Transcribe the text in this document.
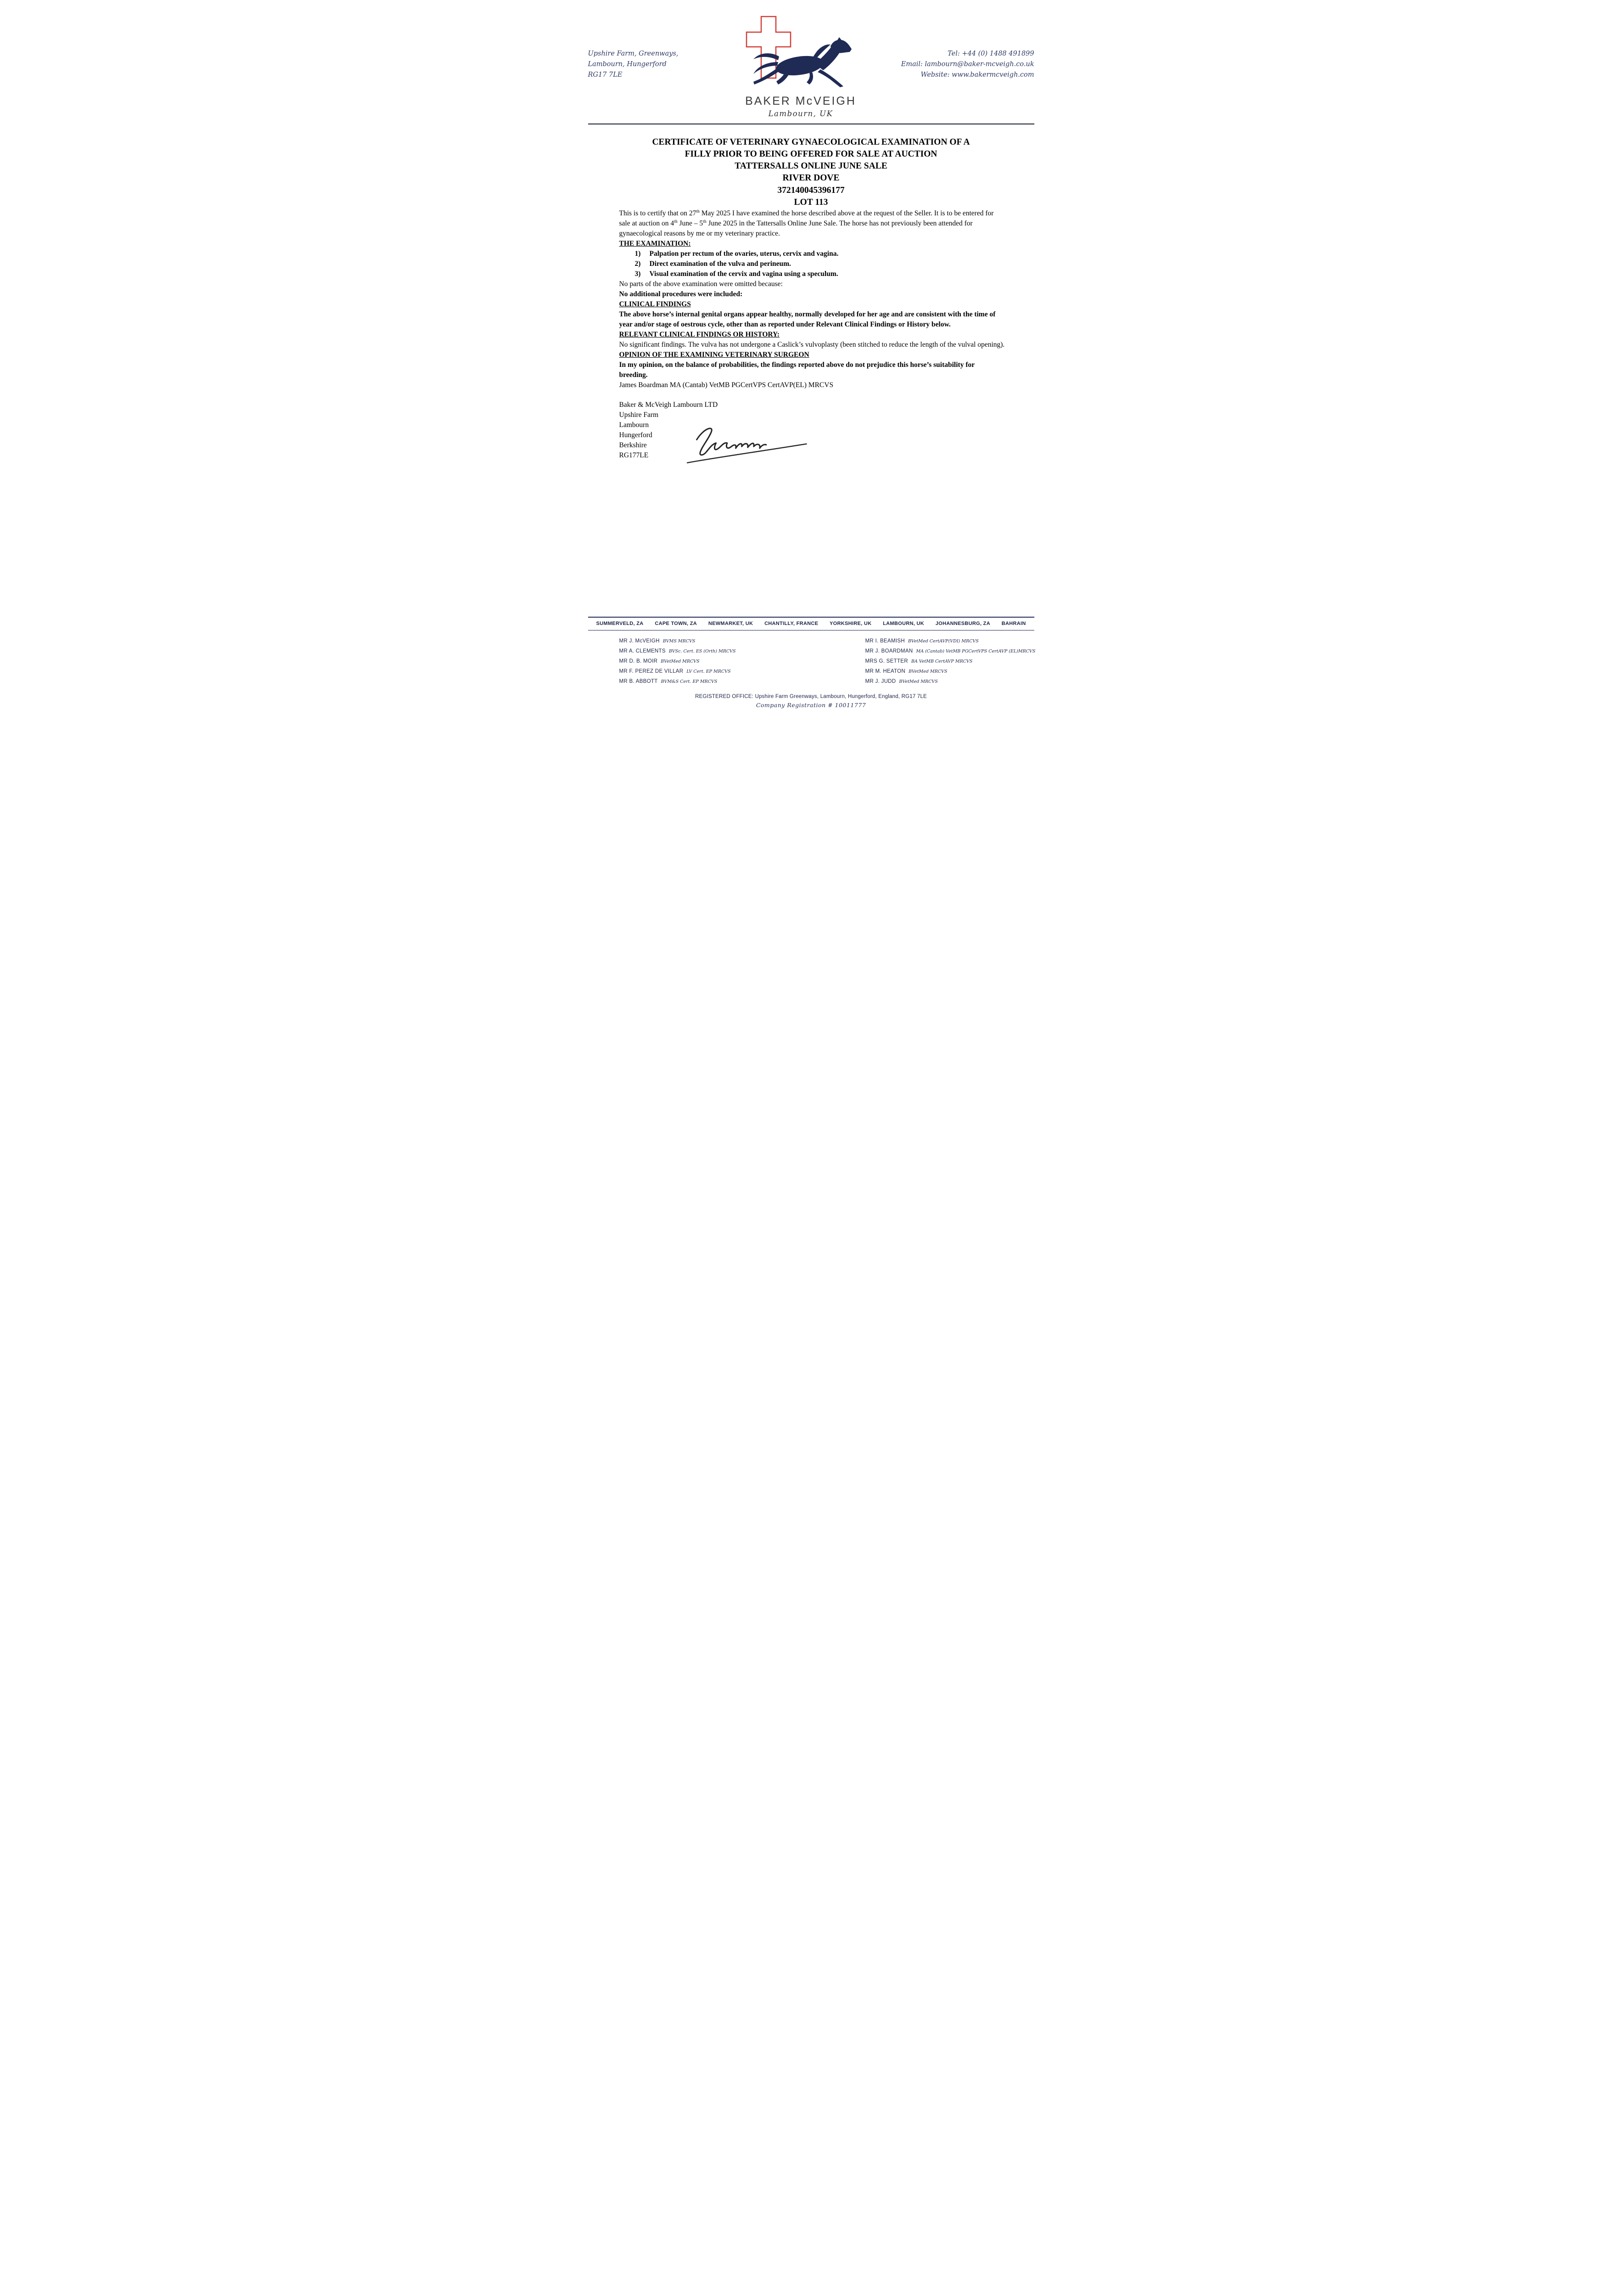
Upshire Farm, Greenways,
Lambourn, Hungerford
RG17 7LE
BAKER McVEIGH
Lambourn, UK
Tel: +44 (0) 1488 491899
Email: lambourn@baker-mcveigh.co.uk
Website: www.bakermcveigh.com
CERTIFICATE OF VETERINARY GYNAECOLOGICAL EXAMINATION OF A
FILLY PRIOR TO BEING OFFERED FOR SALE AT AUCTION
TATTERSALLS ONLINE JUNE SALE
RIVER DOVE
372140045396177
LOT 113

This is to certify that on 27th May 2025 I have examined the horse described above at the request of the Seller. It is to be entered for sale at auction on 4th June – 5th June 2025 in the Tattersalls Online June Sale. The horse has not previously been attended for gynaecological reasons by me or my veterinary practice.

THE EXAMINATION:
1)	Palpation per rectum of the ovaries, uterus, cervix and vagina.
2)	Direct examination of the vulva and perineum.
3)	Visual examination of the cervix and vagina using a speculum.

No parts of the above examination were omitted because:

No additional procedures were included:

CLINICAL FINDINGS

The above horse’s internal genital organs appear healthy, normally developed for her age and are consistent with the time of year and/or stage of oestrous cycle, other than as reported under Relevant Clinical Findings or History below.

RELEVANT CLINICAL FINDINGS OR HISTORY:

No significant findings. The vulva has not undergone a Caslick’s vulvoplasty (been stitched to reduce the length of the vulval opening).

OPINION OF THE EXAMINING VETERINARY SURGEON

In my opinion, on the balance of probabilities, the findings reported above do not prejudice this horse’s suitability for breeding.

James Boardman MA (Cantab) VetMB PGCertVPS CertAVP(EL) MRCVS

Baker & McVeigh Lambourn LTD
Upshire Farm
Lambourn
Hungerford
Berkshire
RG177LE
SUMMERVELD, ZA CAPE TOWN, ZA NEWMARKET, UK CHANTILLY, FRANCE YORKSHIRE, UK LAMBOURN, UK JOHANNESBURG, ZA BAHRAIN
MR J. McVEIGH BVMS MRCVS
MR A. CLEMENTS BVSc. Cert. ES (Orth) MRCVS
MR D. B. MOIR BVetMed MRCVS
MR F. PEREZ DE VILLAR LV Cert. EP MRCVS
MR B. ABBOTT BVM&S Cert. EP MRCVS
MR I. BEAMISH BVetMed CertAVP(VDI) MRCVS
MR J. BOARDMAN MA (Cantab) VetMB PGCertVPS CertAVP (EL)MRCVS
MRS G. SETTER BA VetMB CertAVP MRCVS
MR M. HEATON BVetMed MRCVS
MR J. JUDD BVetMed MRCVS
REGISTERED OFFICE: Upshire Farm Greenways, Lambourn, Hungerford, England, RG17 7LE
Company Registration # 10011777
